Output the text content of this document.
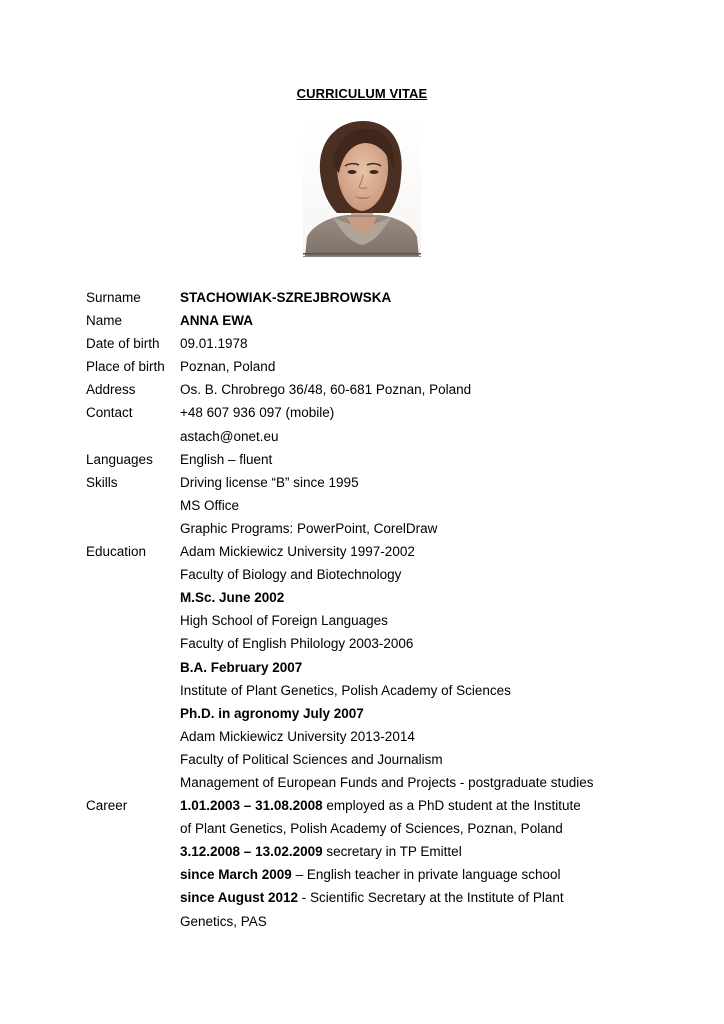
CURRICULUM VITAE
Surname	STACHOWIAK-SZREJBROWSKA
Name	ANNA EWA
Date of birth	09.01.1978
Place of birth	Poznan, Poland
Address	Os. B. Chrobrego 36/48, 60-681 Poznan, Poland
Contact	+48 607 936 097 (mobile)
astach@onet.eu
Languages	English – fluent
Skills	Driving license “B” since 1995
MS Office
Graphic Programs: PowerPoint, CorelDraw
Education	Adam Mickiewicz University 1997-2002
Faculty of Biology and Biotechnology
M.Sc. June 2002
High School of Foreign Languages
Faculty of English Philology 2003-2006
B.A. February 2007
Institute of Plant Genetics, Polish Academy of Sciences
Ph.D. in agronomy July 2007
Adam Mickiewicz University 2013-2014
Faculty of Political Sciences and Journalism
Management of European Funds and Projects - postgraduate studies
Career	1.01.2003 – 31.08.2008 employed as a PhD student at the Institute
of Plant Genetics, Polish Academy of Sciences, Poznan, Poland
3.12.2008 – 13.02.2009 secretary in TP Emittel
since March 2009 – English teacher in private language school
since August 2012 - Scientific Secretary at the Institute of Plant
Genetics, PAS
